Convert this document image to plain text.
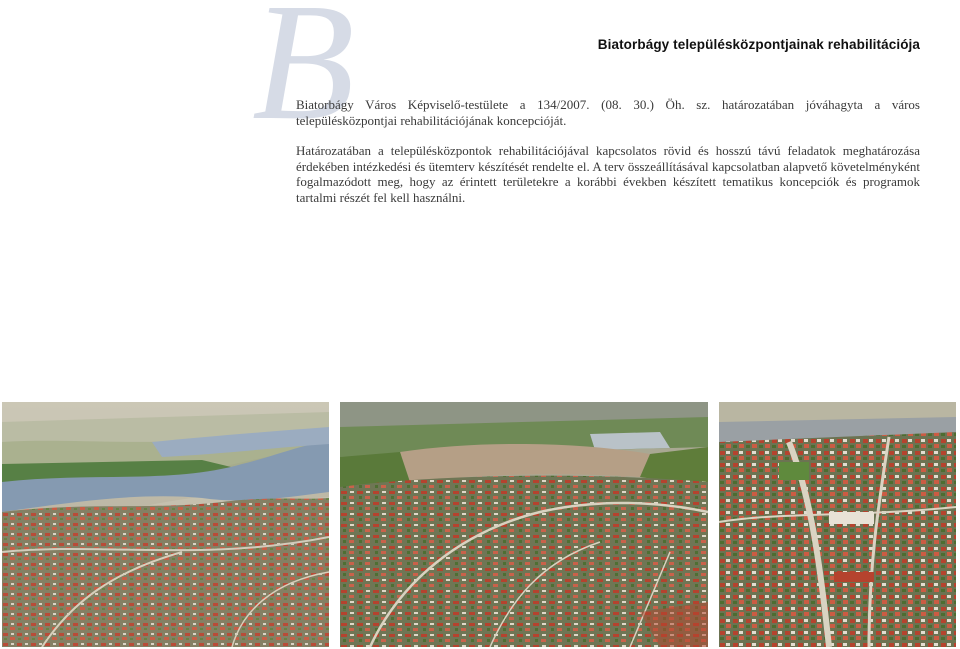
B	Biatorbágy településközpontjainak rehabilitációja

Biatorbágy Város Képviselő-testülete a 134/2007. (08. 30.) Öh. sz. határozatában jóváhagyta a város településközpontjai rehabilitációjának koncepcióját.

Határozatában a településközpontok rehabilitációjával kapcsolatos rövid és hosszú távú feladatok meghatározása érdekében intézkedési és ütemterv készítését rendelte el. A terv összeállításával kapcsolatban alapvető követelményként fogalmazódott meg, hogy az érintett területekre a korábbi években készített tematikus koncepciók és programok tartalmi részét fel kell használni.
